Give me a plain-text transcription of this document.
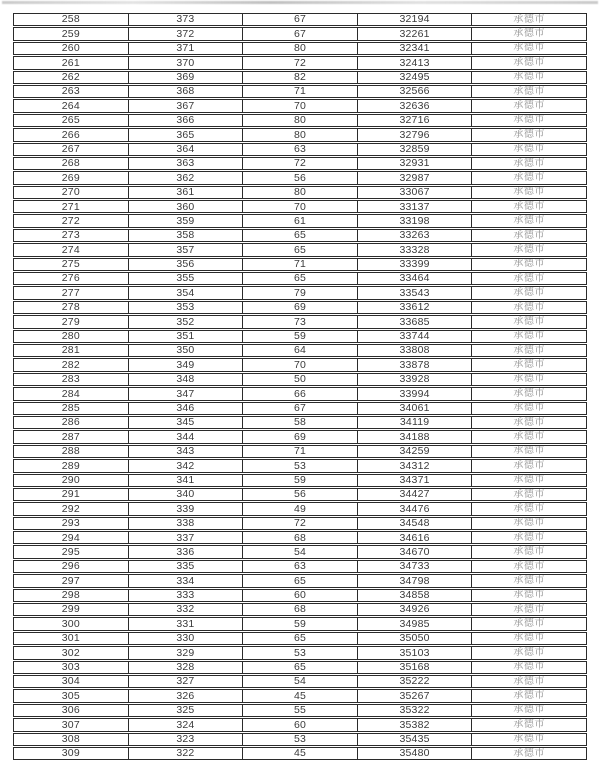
258	373	67	32194	承德市
259	372	67	32261	承德市
260	371	80	32341	承德市
261	370	72	32413	承德市
262	369	82	32495	承德市
263	368	71	32566	承德市
264	367	70	32636	承德市
265	366	80	32716	承德市
266	365	80	32796	承德市
267	364	63	32859	承德市
268	363	72	32931	承德市
269	362	56	32987	承德市
270	361	80	33067	承德市
271	360	70	33137	承德市
272	359	61	33198	承德市
273	358	65	33263	承德市
274	357	65	33328	承德市
275	356	71	33399	承德市
276	355	65	33464	承德市
277	354	79	33543	承德市
278	353	69	33612	承德市
279	352	73	33685	承德市
280	351	59	33744	承德市
281	350	64	33808	承德市
282	349	70	33878	承德市
283	348	50	33928	承德市
284	347	66	33994	承德市
285	346	67	34061	承德市
286	345	58	34119	承德市
287	344	69	34188	承德市
288	343	71	34259	承德市
289	342	53	34312	承德市
290	341	59	34371	承德市
291	340	56	34427	承德市
292	339	49	34476	承德市
293	338	72	34548	承德市
294	337	68	34616	承德市
295	336	54	34670	承德市
296	335	63	34733	承德市
297	334	65	34798	承德市
298	333	60	34858	承德市
299	332	68	34926	承德市
300	331	59	34985	承德市
301	330	65	35050	承德市
302	329	53	35103	承德市
303	328	65	35168	承德市
304	327	54	35222	承德市
305	326	45	35267	承德市
306	325	55	35322	承德市
307	324	60	35382	承德市
308	323	53	35435	承德市
309	322	45	35480	承德市
